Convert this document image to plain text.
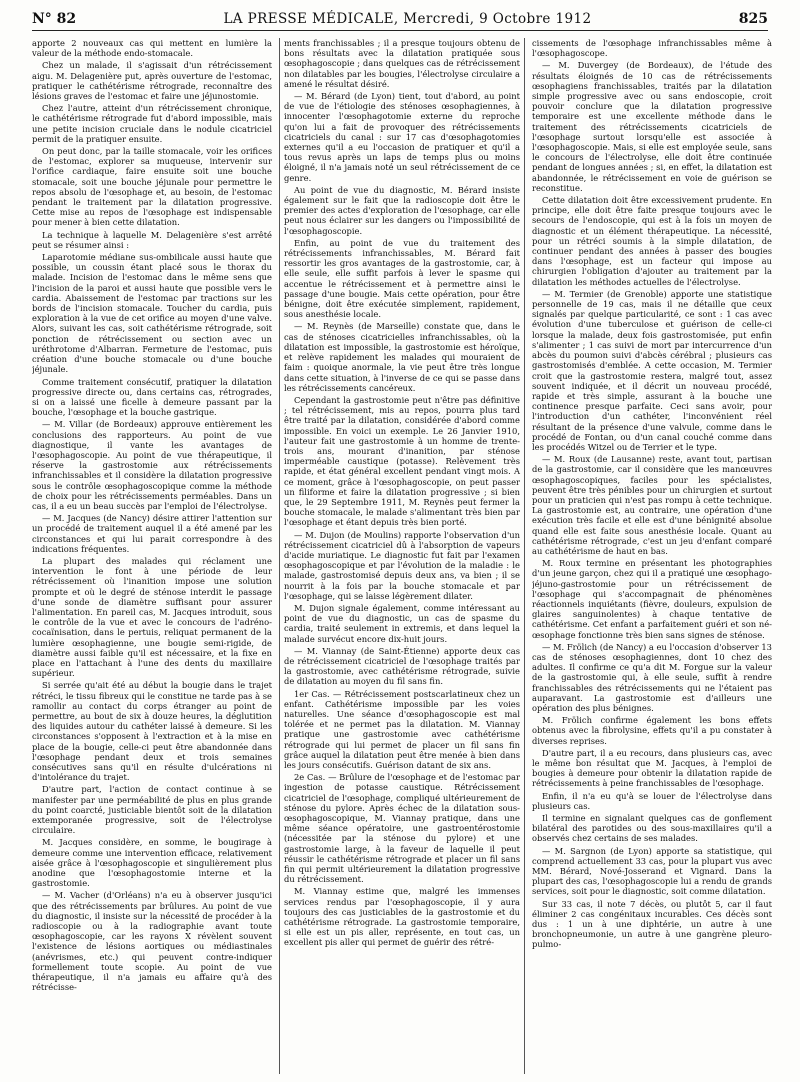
N° 82	LA PRESSE MÉDICALE, Mercredi, 9 Octobre 1912	825

apporte 2 nouveaux cas qui mettent en lumière la valeur de la méthode endo-stomacale.

Chez un malade, il s'agissait d'un rétrécissement aigu. M. Delagenière put, après ouverture de l'estomac, pratiquer le cathétérisme rétrograde, reconnaître des lésions graves de l'estomac et faire une jéjunostomie.

Chez l'autre, atteint d'un rétrécissement chronique, le cathétérisme rétrograde fut d'abord impossible, mais une petite incision cruciale dans le nodule cicatriciel permit de la pratiquer ensuite.

On peut donc, par la taille stomacale, voir les orifices de l'estomac, explorer sa muqueuse, intervenir sur l'orifice cardiaque, faire ensuite soit une bouche stomacale, soit une bouche jéjunale pour permettre le repos absolu de l'œsophage et, au besoin, de l'estomac pendant le traitement par la dilatation progressive. Cette mise au repos de l'œsophage est indispensable pour mener à bien cette dilatation.

La technique à laquelle M. Delagenière s'est arrêté peut se résumer ainsi :

Laparotomie médiane sus-ombilicale aussi haute que possible, un coussin étant placé sous le thorax du malade. Incision de l'estomac dans le même sens que l'incision de la paroi et aussi haute que possible vers le cardia. Abaissement de l'estomac par tractions sur les bords de l'incision stomacale. Toucher du cardia, puis exploration à la vue de cet orifice au moyen d'une valve. Alors, suivant les cas, soit cathétérisme rétrograde, soit ponction de rétrécissement ou section avec un uréthrotome d'Albarran. Fermeture de l'estomac, puis création d'une bouche stomacale ou d'une bouche jéjunale.

Comme traitement consécutif, pratiquer la dilatation progressive directe ou, dans certains cas, rétrogrades, si on a laissé une ficelle à demeure passant par la bouche, l'œsophage et la bouche gastrique.

— M. Villar (de Bordeaux) approuve entièrement les conclusions des rapporteurs. Au point de vue diagnostique, il vante les avantages de l'œsophagoscopie. Au point de vue thérapeutique, il réserve la gastrostomie aux rétrécissements infranchissables et il considère la dilatation progressive sous le contrôle œsophagoscopique comme la méthode de choix pour les rétrécissements perméables. Dans un cas, il a eu un beau succès par l'emploi de l'électrolyse.

— M. Jacques (de Nancy) désire attirer l'attention sur un procédé de traitement auquel il a été amené par les circonstances et qui lui parait correspondre à des indications fréquentes.

La plupart des malades qui réclament une intervention le font à une période de leur rétrécissement où l'inanition impose une solution prompte et où le degré de sténose interdit le passage d'une sonde de diamètre suffisant pour assurer l'alimentation. En pareil cas, M. Jacques introduit, sous le contrôle de la vue et avec le concours de l'adréno-cocaïnisation, dans le pertuis, reliquat permanent de la lumière œsophagienne, une bougie semi-rigide, de diamètre aussi faible qu'il est nécessaire, et la fixe en place en l'attachant à l'une des dents du maxillaire supérieur.

Si serrée qu'ait été au début la bougie dans le trajet rétréci, le tissu fibreux qui le constitue ne tarde pas à se ramollir au contact du corps étranger au point de permettre, au bout de six à douze heures, la déglutition des liquides autour du cathéter laissé à demeure. Si les circonstances s'opposent à l'extraction et à la mise en place de la bougie, celle-ci peut être abandonnée dans l'œsophage pendant deux et trois semaines consécutives sans qu'il en résulte d'ulcérations ni d'intolérance du trajet.

D'autre part, l'action de contact continue à se manifester par une perméabilité de plus en plus grande du point coarcté, justiciable bientôt soit de la dilatation extemporanée progressive, soit de l'électrolyse circulaire.

M. Jacques considère, en somme, le bougirage à demeure comme une intervention efficace, relativement aisée grâce à l'œsophagoscopie et singulièrement plus anodine que l'œsophagostomie interne et la gastrostomie.

— M. Vacher (d'Orléans) n'a eu à observer jusqu'ici que des rétrécissements par brûlures. Au point de vue du diagnostic, il insiste sur la nécessité de procéder à la radioscopie ou à la radiographie avant toute œsophagoscopie, car les rayons X révèlent souvent l'existence de lésions aortiques ou médiastinales (anévrismes, etc.) qui peuvent contre-indiquer formellement toute scopie. Au point de vue thérapeutique, il n'a jamais eu affaire qu'à des rétrécisse-

ments franchissables ; il a presque toujours obtenu de bons résultats avec la dilatation pratiquée sous œsophagoscopie ; dans quelques cas de rétrécissement non dilatables par les bougies, l'électrolyse circulaire a amené le résultat désiré.

— M. Bérard (de Lyon) tient, tout d'abord, au point de vue de l'étiologie des sténoses œsophagiennes, à innocenter l'œsophagotomie externe du reproche qu'on lui a fait de provoquer des rétrécissements cicatriciels du canal : sur 17 cas d'œsophagotomies externes qu'il a eu l'occasion de pratiquer et qu'il a tous revus après un laps de temps plus ou moins éloigné, il n'a jamais noté un seul rétrécissement de ce genre.

Au point de vue du diagnostic, M. Bérard insiste également sur le fait que la radioscopie doit être le premier des actes d'exploration de l'œsophage, car elle peut nous éclairer sur les dangers ou l'impossibilité de l'œsophagoscopie.

Enfin, au point de vue du traitement des rétrécissements infranchissables, M. Bérard fait ressortir les gros avantages de la gastrostomie, car, à elle seule, elle suffit parfois à lever le spasme qui accentue le rétrécissement et à permettre ainsi le passage d'une bougie. Mais cette opération, pour être bénigne, doit être exécutée simplement, rapidement, sous anesthésie locale.

— M. Reynès (de Marseille) constate que, dans le cas de sténoses cicatricielles infranchissables, où la dilatation est impossible, la gastrostomie est héroïque, et relève rapidement les malades qui mouraient de faim : quoique anormale, la vie peut être très longue dans cette situation, à l'inverse de ce qui se passe dans les rétrécissements cancéreux.

Cependant la gastrostomie peut n'être pas définitive ; tel rétrécissement, mis au repos, pourra plus tard être traité par la dilatation, considérée d'abord comme impossible. En voici un exemple. Le 26 Janvier 1910, l'auteur fait une gastrostomie à un homme de trente-trois ans, mourant d'inanition, par sténose imperméable caustique (potasse). Relèvement très rapide, et état général excellent pendant vingt mois. A ce moment, grâce à l'œsophagoscopie, on peut passer un filiforme et faire la dilatation progressive ; si bien que, le 29 Septembre 1911, M. Reynès peut fermer la bouche stomacale, le malade s'alimentant très bien par l'œsophage et étant depuis très bien porté.

— M. Dujon (de Moulins) rapporte l'observation d'un rétrécissement cicatriciel dû à l'absorption de vapeurs d'acide muriatique. Le diagnostic fut fait par l'examen œsophagoscopique et par l'évolution de la maladie : le malade, gastrostomisé depuis deux ans, va bien ; il se nourrit à la fois par la bouche stomacale et par l'œsophage, qui se laisse légèrement dilater.

M. Dujon signale également, comme intéressant au point de vue du diagnostic, un cas de spasme du cardia, traité seulement in extremis, et dans lequel la malade survécut encore dix-huit jours.

— M. Viannay (de Saint-Étienne) apporte deux cas de rétrécissement cicatriciel de l'œsophage traités par la gastrostomie, avec cathétérisme rétrograde, suivie de dilatation au moyen du fil sans fin.

1er Cas. — Rétrécissement postscarlatineux chez un enfant. Cathétérisme impossible par les voies naturelles. Une séance d'œsophagoscopie est mal tolérée et ne permet pas la dilatation. M. Viannay pratique une gastrostomie avec cathétérisme rétrograde qui lui permet de placer un fil sans fin grâce auquel la dilatation peut être menée à bien dans les jours consécutifs. Guérison datant de six ans.

2e Cas. — Brûlure de l'œsophage et de l'estomac par ingestion de potasse caustique. Rétrécissement cicatriciel de l'œsophage, compliqué ultérieurement de sténose du pylore. Après échec de la dilatation sous-œsophagoscopique, M. Viannay pratique, dans une même séance opératoire, une gastroentérostomie (nécessitée par la sténose du pylore) et une gastrostomie large, à la faveur de laquelle il peut réussir le cathétérisme rétrograde et placer un fil sans fin qui permit ultérieurement la dilatation progressive du rétrécissement.

M. Viannay estime que, malgré les immenses services rendus par l'œsophagoscopie, il y aura toujours des cas justiciables de la gastrostomie et du cathétérisme rétrograde. La gastrostomie temporaire, si elle est un pis aller, représente, en tout cas, un excellent pis aller qui permet de guérir des rétré-

cissements de l'œsophage infranchissables même à l'œsophagoscope.

— M. Duvergey (de Bordeaux), de l'étude des résultats éloignés de 10 cas de rétrécissements œsophagiens franchissables, traités par la dilatation simple progressive avec ou sans endoscopie, croit pouvoir conclure que la dilatation progressive temporaire est une excellente méthode dans le traitement des rétrécissements cicatriciels de l'œsophage surtout lorsqu'elle est associée à l'œsophagoscopie. Mais, si elle est employée seule, sans le concours de l'électrolyse, elle doit être continuée pendant de longues années ; si, en effet, la dilatation est abandonnée, le rétrécissement en voie de guérison se reconstitue.

Cette dilatation doit être excessivement prudente. En principe, elle doit être faite presque toujours avec le secours de l'endoscopie, qui est à la fois un moyen de diagnostic et un élément thérapeutique. La nécessité, pour un rétréci soumis à la simple dilatation, de continuer pendant des années à passer des bougies dans l'œsophage, est un facteur qui impose au chirurgien l'obligation d'ajouter au traitement par la dilatation les méthodes actuelles de l'électrolyse.

— M. Termier (de Grenoble) apporte une statistique personnelle de 19 cas, mais il ne détaille que ceux signalés par quelque particularité, ce sont : 1 cas avec évolution d'une tuberculose et guérison de celle-ci lorsque la malade, deux fois gastrostomisée, put enfin s'alimenter ; 1 cas suivi de mort par intercurrence d'un abcès du poumon suivi d'abcès cérébral ; plusieurs cas gastrostomisés d'emblée. A cette occasion, M. Termier croit que la gastrostomie restera, malgré tout, assez souvent indiquée, et il décrit un nouveau procédé, rapide et très simple, assurant à la bouche une continence presque parfaite. Ceci sans avoir, pour l'introduction d'un cathéter, l'inconvénient réel résultant de la présence d'une valvule, comme dans le procédé de Fontan, ou d'un canal couché comme dans les procédés Witzel ou de Terrier et le type.

— M. Roux (de Lausanne) reste, avant tout, partisan de la gastrostomie, car il considère que les manœuvres œsophagoscopiques, faciles pour les spécialistes, peuvent être très pénibles pour un chirurgien et surtout pour un praticien qui n'est pas rompu à cette technique. La gastrostomie est, au contraire, une opération d'une exécution très facile et elle est d'une bénignité absolue quand elle est faite sous anesthésie locale. Quant au cathétérisme rétrograde, c'est un jeu d'enfant comparé au cathétérisme de haut en bas.

M. Roux termine en présentant les photographies d'un jeune garçon, chez qui il a pratiqué une œsophago-jéjuno-gastrostomie pour un rétrécissement de l'œsophage qui s'accompagnait de phénomènes réactionnels inquiétants (fièvre, douleurs, expulsion de glaires sanguinolentes) à chaque tentative de cathétérisme. Cet enfant a parfaitement guéri et son né-œsophage fonctionne très bien sans signes de sténose.

— M. Frölich (de Nancy) a eu l'occasion d'observer 13 cas de sténoses œsophagiennes, dont 10 chez des adultes. Il confirme ce qu'a dit M. Forgue sur la valeur de la gastrostomie qui, à elle seule, suffit à rendre franchissables des rétrécissements qui ne l'étaient pas auparavant. La gastrostomie est d'ailleurs une opération des plus bénignes.

M. Frölich confirme également les bons effets obtenus avec la fibrolysine, effets qu'il a pu constater à diverses reprises.

D'autre part, il a eu recours, dans plusieurs cas, avec le même bon résultat que M. Jacques, à l'emploi de bougies à demeure pour obtenir la dilatation rapide de rétrécissements à peine franchissables de l'œsophage.

Enfin, il n'a eu qu'à se louer de l'électrolyse dans plusieurs cas.

Il termine en signalant quelques cas de gonflement bilatéral des parotides ou des sous-maxillaires qu'il a observés chez certains de ses malades.

— M. Sargnon (de Lyon) apporte sa statistique, qui comprend actuellement 33 cas, pour la plupart vus avec MM. Bérard, Nové-Josserand et Vignard. Dans la plupart des cas, l'œsophagoscopie lui a rendu de grands services, soit pour le diagnostic, soit comme dilatation.

Sur 33 cas, il note 7 décès, ou plutôt 5, car il faut éliminer 2 cas congénitaux incurables. Ces décès sont dus : 1 un à une diphtérie, un autre à une bronchopneumonie, un autre à une gangrène pleuro-pulmo-
